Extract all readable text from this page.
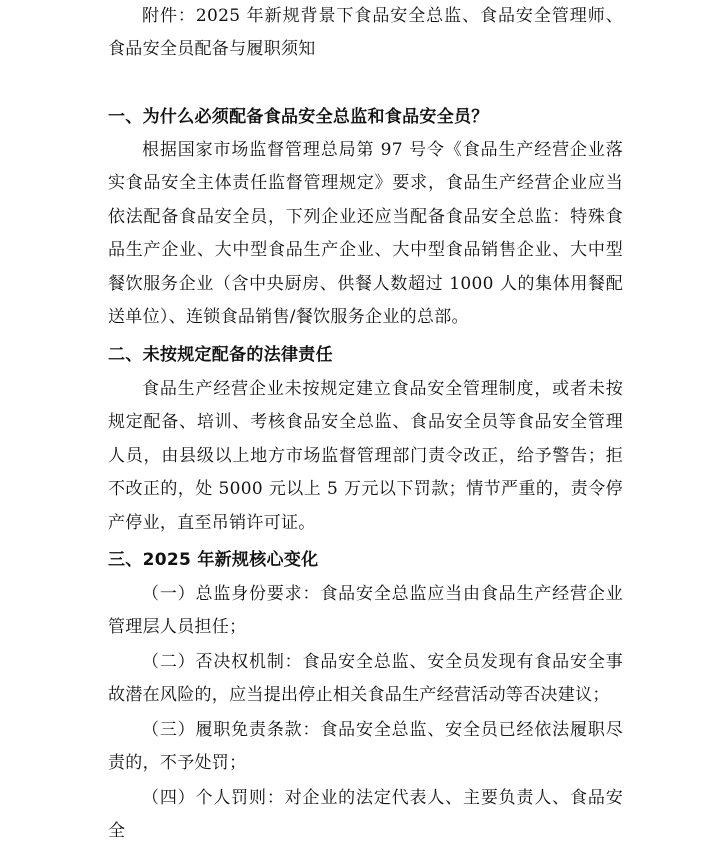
附件：2025 年新规背景下食品安全总监、食品安全管理师、食品安全员配备与履职须知

一、为什么必须配备食品安全总监和食品安全员？

根据国家市场监督管理总局第 97 号令《食品生产经营企业落实食品安全主体责任监督管理规定》要求，食品生产经营企业应当依法配备食品安全员，下列企业还应当配备食品安全总监：特殊食品生产企业、大中型食品生产企业、大中型食品销售企业、大中型餐饮服务企业（含中央厨房、供餐人数超过 1000 人的集体用餐配送单位）、连锁食品销售/餐饮服务企业的总部。

二、未按规定配备的法律责任

食品生产经营企业未按规定建立食品安全管理制度，或者未按规定配备、培训、考核食品安全总监、食品安全员等食品安全管理人员，由县级以上地方市场监督管理部门责令改正，给予警告；拒不改正的，处 5000 元以上 5 万元以下罚款；情节严重的，责令停产停业，直至吊销许可证。

三、2025 年新规核心变化

（一）总监身份要求：食品安全总监应当由食品生产经营企业管理层人员担任；

（二）否决权机制：食品安全总监、安全员发现有食品安全事故潜在风险的，应当提出停止相关食品生产经营活动等否决建议；

（三）履职免责条款：食品安全总监、安全员已经依法履职尽责的，不予处罚；

（四）个人罚则：对企业的法定代表人、主要负责人、食品安全
